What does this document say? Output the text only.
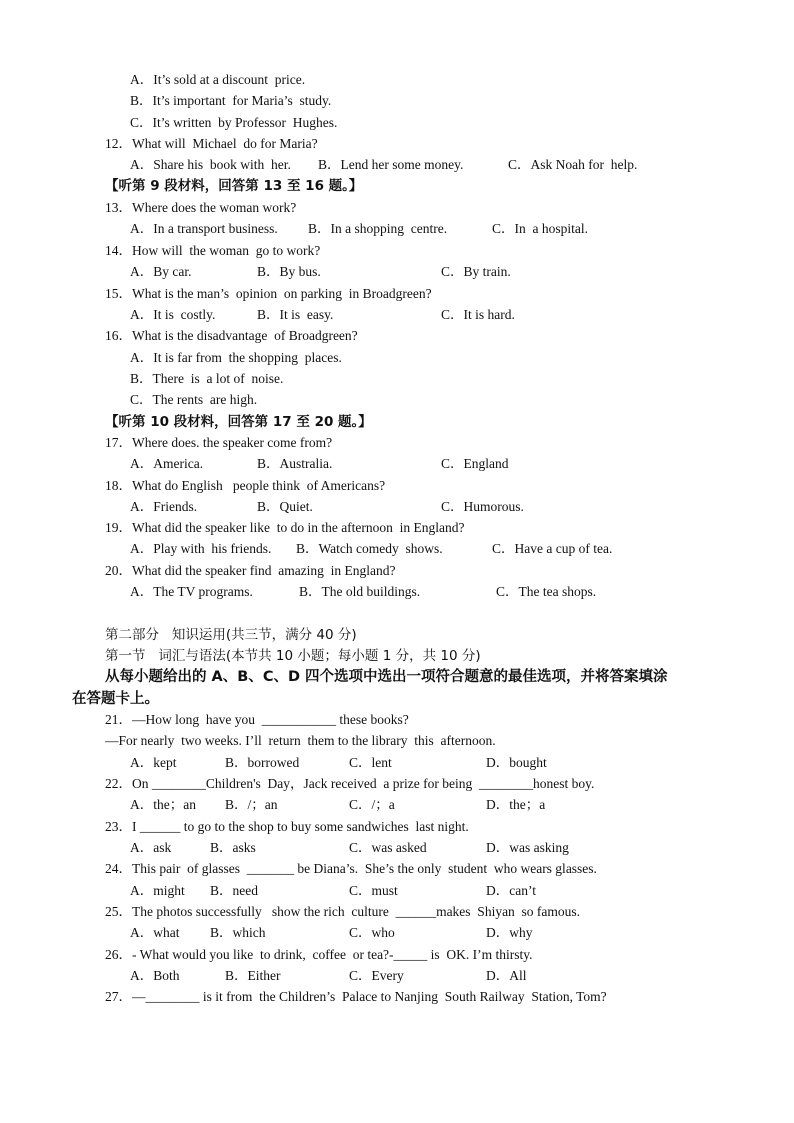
A．It’s sold at a discount  price.
B．It’s important  for Maria’s  study.
C．It’s written  by Professor  Hughes.
12．What will  Michael  do for Maria?
A．Share his  book with  her. B．Lend her some money.	C．Ask Noah for  help.
【听第 9 段材料，回答第 13 至 16 题。】
13．Where does the woman work?
A．In a transport business. B．In a shopping  centre.	C．In  a hospital.
14．How will  the woman  go to work?
A．By car.	B．By bus.	C．By train.
15．What is the man’s  opinion  on parking  in Broadgreen?
A．It is  costly.	B．It is  easy.	C．It is hard.
16．What is the disadvantage  of Broadgreen?
A．It is far from  the shopping  places.
B．There  is  a lot of  noise.
C．The rents  are high.
【听第 10 段材料，回答第 17 至 20 题。】
17．Where does. the speaker come from?
A．America.	B．Australia.	C．England
18．What do English   people think  of Americans?
A．Friends.	B．Quiet.	C．Humorous.
19．What did the speaker like  to do in the afternoon  in England?
A．Play with  his friends. B．Watch comedy  shows.	C．Have a cup of tea.
20．What did the speaker find  amazing  in England?
A．The TV programs.	B．The old buildings.	C．The tea shops.
第二部分   知识运用(共三节，满分 40 分)
第一节   词汇与语法(本节共 10 小题；每小题 1 分，共 10 分)
从每小题给出的 A、B、C、D 四个选项中选出一项符合题意的最佳选项，并将答案填涂
在答题卡上。
21．—How long  have you  ___________ these books?
—For nearly  two weeks. I’ll  return  them to the library  this  afternoon.
A．kept	B．borrowed	C．lent	D．bought
22．On ________Children's  Day，Jack received  a prize for being  ________honest boy.
A．the；an B．/；an	C．/；a	D．the；a
23．I ______ to go to the shop to buy some sandwiches  last night.
A．ask	B．asks	C．was asked	D．was asking
24．This pair  of glasses  _______ be Diana’s.  She’s the only  student  who wears glasses.
A．might B．need	C．must	D．can’t
25．The photos successfully   show the rich  culture  ______makes  Shiyan  so famous.
A．what B．which	C．who	D．why
26．- What would you like  to drink,  coffee  or tea?-_____ is  OK. I’m thirsty.
A．Both	B．Either	C．Every	D．All
27．—________ is it from  the Children’s  Palace to Nanjing  South Railway  Station, Tom?
